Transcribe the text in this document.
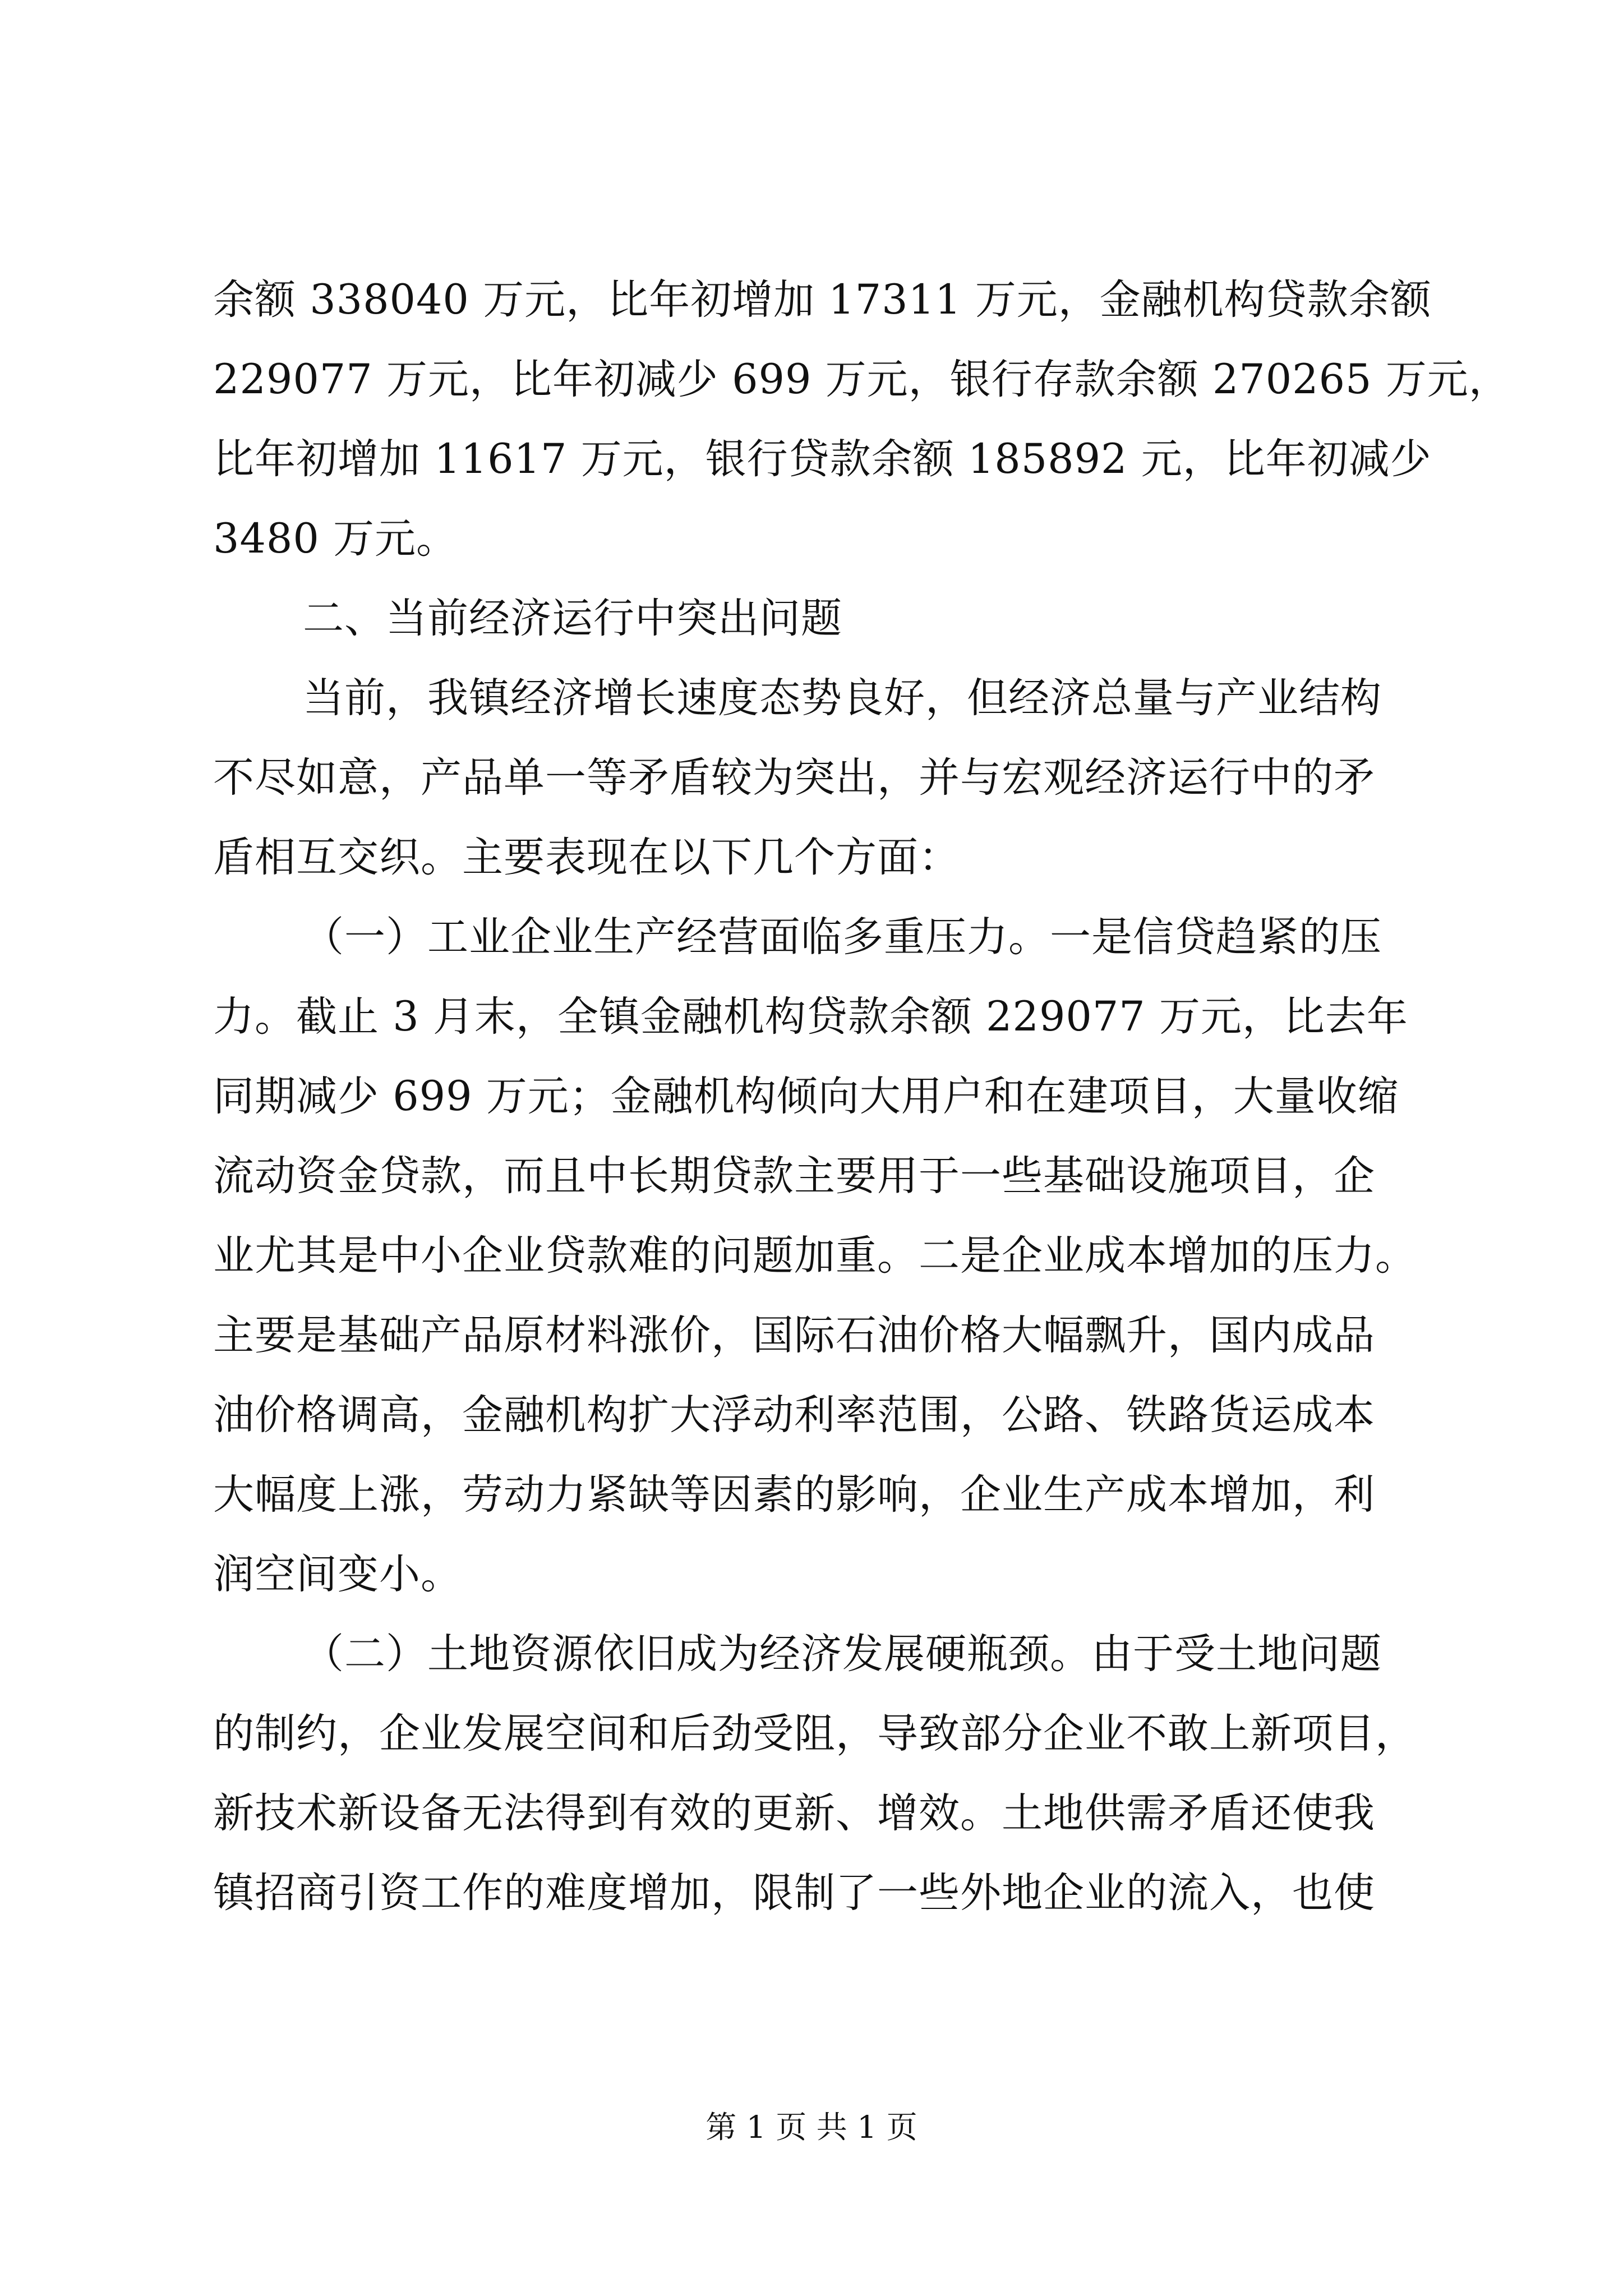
余额 338040 万元，比年初增加 17311 万元，金融机构贷款余额
229077 万元，比年初减少 699 万元，银行存款余额 270265 万元，
比年初增加 11617 万元，银行贷款余额 185892 元，比年初减少
3480 万元。
二、当前经济运行中突出问题
当前，我镇经济增长速度态势良好，但经济总量与产业结构
不尽如意，产品单一等矛盾较为突出，并与宏观经济运行中的矛
盾相互交织。主要表现在以下几个方面：
（一）工业企业生产经营面临多重压力。一是信贷趋紧的压
力。截止 3 月末，全镇金融机构贷款余额 229077 万元，比去年
同期减少 699 万元；金融机构倾向大用户和在建项目，大量收缩
流动资金贷款，而且中长期贷款主要用于一些基础设施项目，企
业尤其是中小企业贷款难的问题加重。二是企业成本增加的压力。
主要是基础产品原材料涨价，国际石油价格大幅飘升，国内成品
油价格调高，金融机构扩大浮动利率范围，公路、铁路货运成本
大幅度上涨，劳动力紧缺等因素的影响，企业生产成本增加，利
润空间变小。
（二）土地资源依旧成为经济发展硬瓶颈。由于受土地问题
的制约，企业发展空间和后劲受阻，导致部分企业不敢上新项目，
新技术新设备无法得到有效的更新、增效。土地供需矛盾还使我
镇招商引资工作的难度增加，限制了一些外地企业的流入，也使
第 1 页 共 1 页
